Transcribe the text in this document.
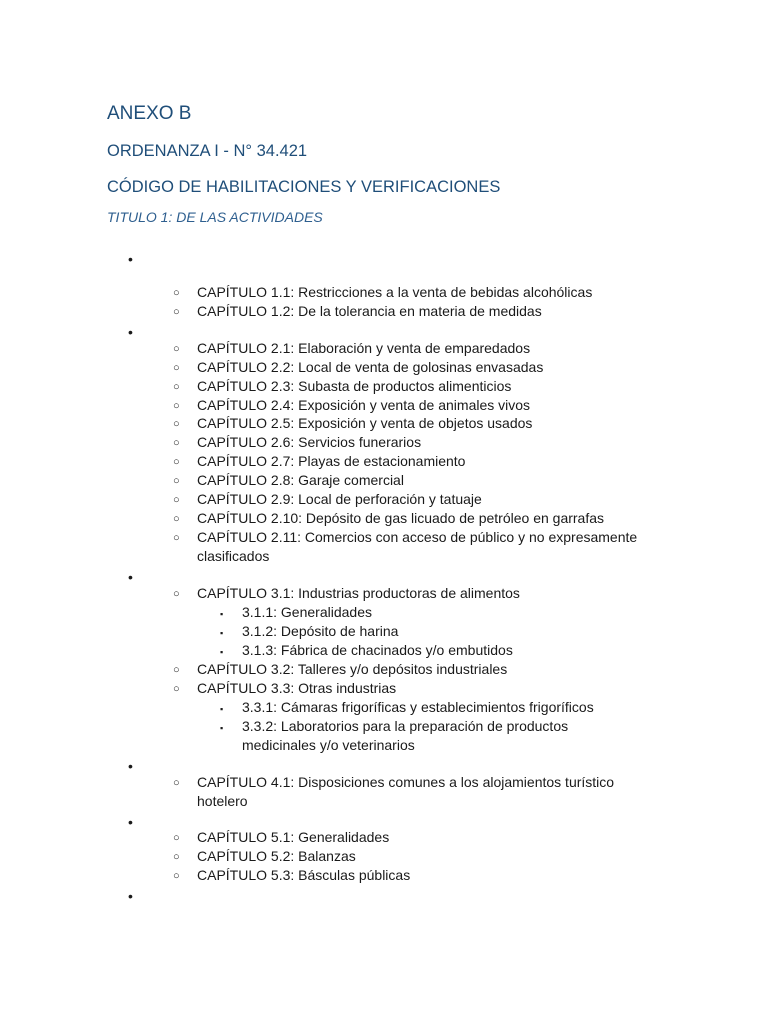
ANEXO B
ORDENANZA I - N° 34.421
CÓDIGO DE HABILITACIONES Y VERIFICACIONES
TITULO 1: DE LAS ACTIVIDADES
•
○ CAPÍTULO 1.1: Restricciones a la venta de bebidas alcohólicas
○ CAPÍTULO 1.2: De la tolerancia en materia de medidas
•
○ CAPÍTULO 2.1: Elaboración y venta de emparedados
○ CAPÍTULO 2.2: Local de venta de golosinas envasadas
○ CAPÍTULO 2.3: Subasta de productos alimenticios
○ CAPÍTULO 2.4: Exposición y venta de animales vivos
○ CAPÍTULO 2.5: Exposición y venta de objetos usados
○ CAPÍTULO 2.6: Servicios funerarios
○ CAPÍTULO 2.7: Playas de estacionamiento
○ CAPÍTULO 2.8: Garaje comercial
○ CAPÍTULO 2.9: Local de perforación y tatuaje
○ CAPÍTULO 2.10: Depósito de gas licuado de petróleo en garrafas
○ CAPÍTULO 2.11: Comercios con acceso de público y no expresamente
clasificados
•
○ CAPÍTULO 3.1: Industrias productoras de alimentos
▪ 3.1.1: Generalidades
▪ 3.1.2: Depósito de harina
▪ 3.1.3: Fábrica de chacinados y/o embutidos
○ CAPÍTULO 3.2: Talleres y/o depósitos industriales
○ CAPÍTULO 3.3: Otras industrias
▪ 3.3.1: Cámaras frigoríficas y establecimientos frigoríficos
▪ 3.3.2: Laboratorios para la preparación de productos
medicinales y/o veterinarios
•
○ CAPÍTULO 4.1: Disposiciones comunes a los alojamientos turístico
hotelero
•
○ CAPÍTULO 5.1: Generalidades
○ CAPÍTULO 5.2: Balanzas
○ CAPÍTULO 5.3: Básculas públicas
•
